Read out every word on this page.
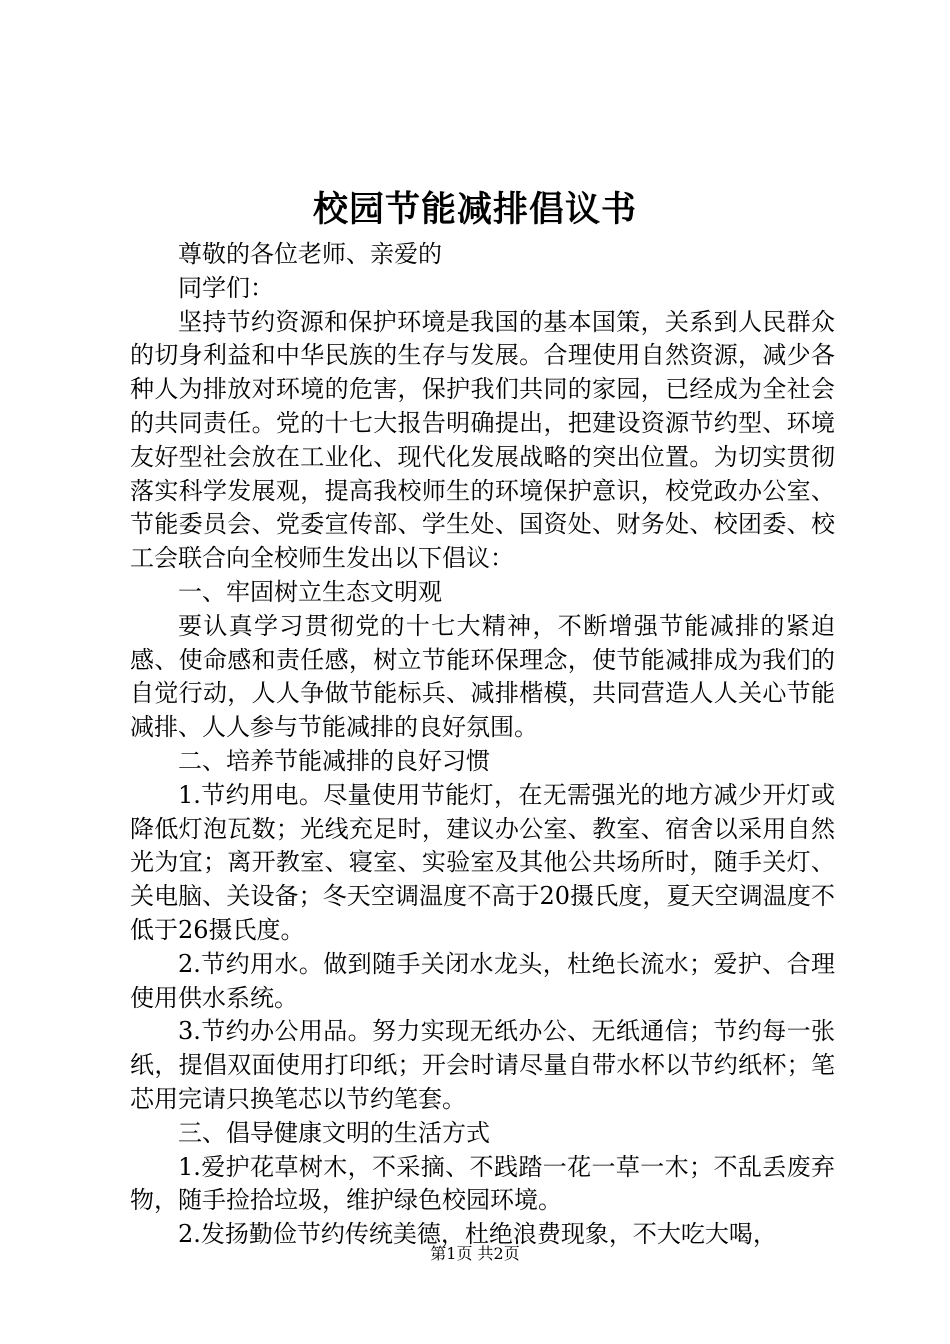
校园节能减排倡议书

尊敬的各位老师、亲爱的

同学们：

坚持节约资源和保护环境是我国的基本国策，关系到人民群众的切身利益和中华民族的生存与发展。合理使用自然资源，减少各种人为排放对环境的危害，保护我们共同的家园，已经成为全社会的共同责任。党的十七大报告明确提出，把建设资源节约型、环境友好型社会放在工业化、现代化发展战略的突出位置。为切实贯彻落实科学发展观，提高我校师生的环境保护意识，校党政办公室、节能委员会、党委宣传部、学生处、国资处、财务处、校团委、校工会联合向全校师生发出以下倡议：

一、牢固树立生态文明观

要认真学习贯彻党的十七大精神，不断增强节能减排的紧迫感、使命感和责任感，树立节能环保理念，使节能减排成为我们的自觉行动，人人争做节能标兵、减排楷模，共同营造人人关心节能减排、人人参与节能减排的良好氛围。

二、培养节能减排的良好习惯

1.节约用电。尽量使用节能灯，在无需强光的地方减少开灯或降低灯泡瓦数；光线充足时，建议办公室、教室、宿舍以采用自然光为宜；离开教室、寝室、实验室及其他公共场所时，随手关灯、关电脑、关设备；冬天空调温度不高于20摄氏度，夏天空调温度不低于26摄氏度。

2.节约用水。做到随手关闭水龙头，杜绝长流水；爱护、合理使用供水系统。

3.节约办公用品。努力实现无纸办公、无纸通信；节约每一张纸，提倡双面使用打印纸；开会时请尽量自带水杯以节约纸杯；笔芯用完请只换笔芯以节约笔套。

三、倡导健康文明的生活方式

1.爱护花草树木，不采摘、不践踏一花一草一木；不乱丢废弃物，随手捡拾垃圾，维护绿色校园环境。

2.发扬勤俭节约传统美德，杜绝浪费现象，不大吃大喝，

第1页 共2页
